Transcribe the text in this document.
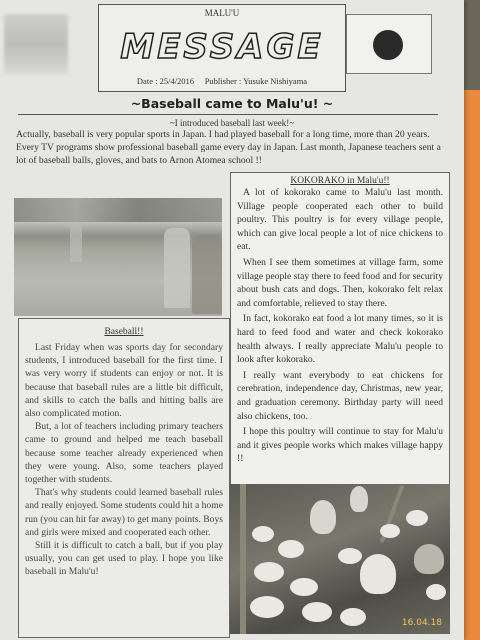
MALU'U
MESSAGE
Date : 25/4/2016 Publisher : Yusuke Nishiyama
~Baseball came to Malu'u! ~
~I introduced baseball last week!~

Actually, baseball is very popular sports in Japan. I had played baseball for a long time, more than 20 years. Every TV programs show professional baseball game every day in Japan. Last month, Japanese teachers sent a lot of baseball balls, gloves, and bats to Arnon Atomea school !!

Baseball!!

Last Friday when was sports day for secondary students, I introduced baseball for the first time. I was very worry if students can enjoy or not. It is because that baseball rules are a little bit difficult, and skills to catch the balls and hitting balls are also complicated motion.

But, a lot of teachers including primary teachers came to ground and helped me teach baseball because some teacher already experienced when they were young. Also, some teachers played together with students.

That's why students could learned baseball rules and really enjoyed. Some students could hit a home run (you can hit far away) to get many points. Boys and girls were mixed and cooperated each other.

Still it is difficult to catch a ball, but if you play usually, you can get used to play. I hope you like baseball in Malu'u!

KOKORAKO in Malu'u!!

A lot of kokorako came to Malu'u last month. Village people cooperated each other to build poultry. This poultry is for every village people, which can give local people a lot of nice chickens to eat.

When I see them sometimes at village farm, some village people stay there to feed food and for security about bush cats and dogs. Then, kokorako felt relax and comfortable, relieved to stay there.

In fact, kokorako eat food a lot many times, so it is hard to feed food and water and check kokorako health always. I really appreciate Malu'u people to look after kokorako.

I really want everybody to eat chickens for cerebration, independence day, Christmas, new year, and graduation ceremony. Birthday party will need also chickens, too.

I hope this poultry will continue to stay for Malu'u and it gives people works which makes village happy !!

16.04.18
